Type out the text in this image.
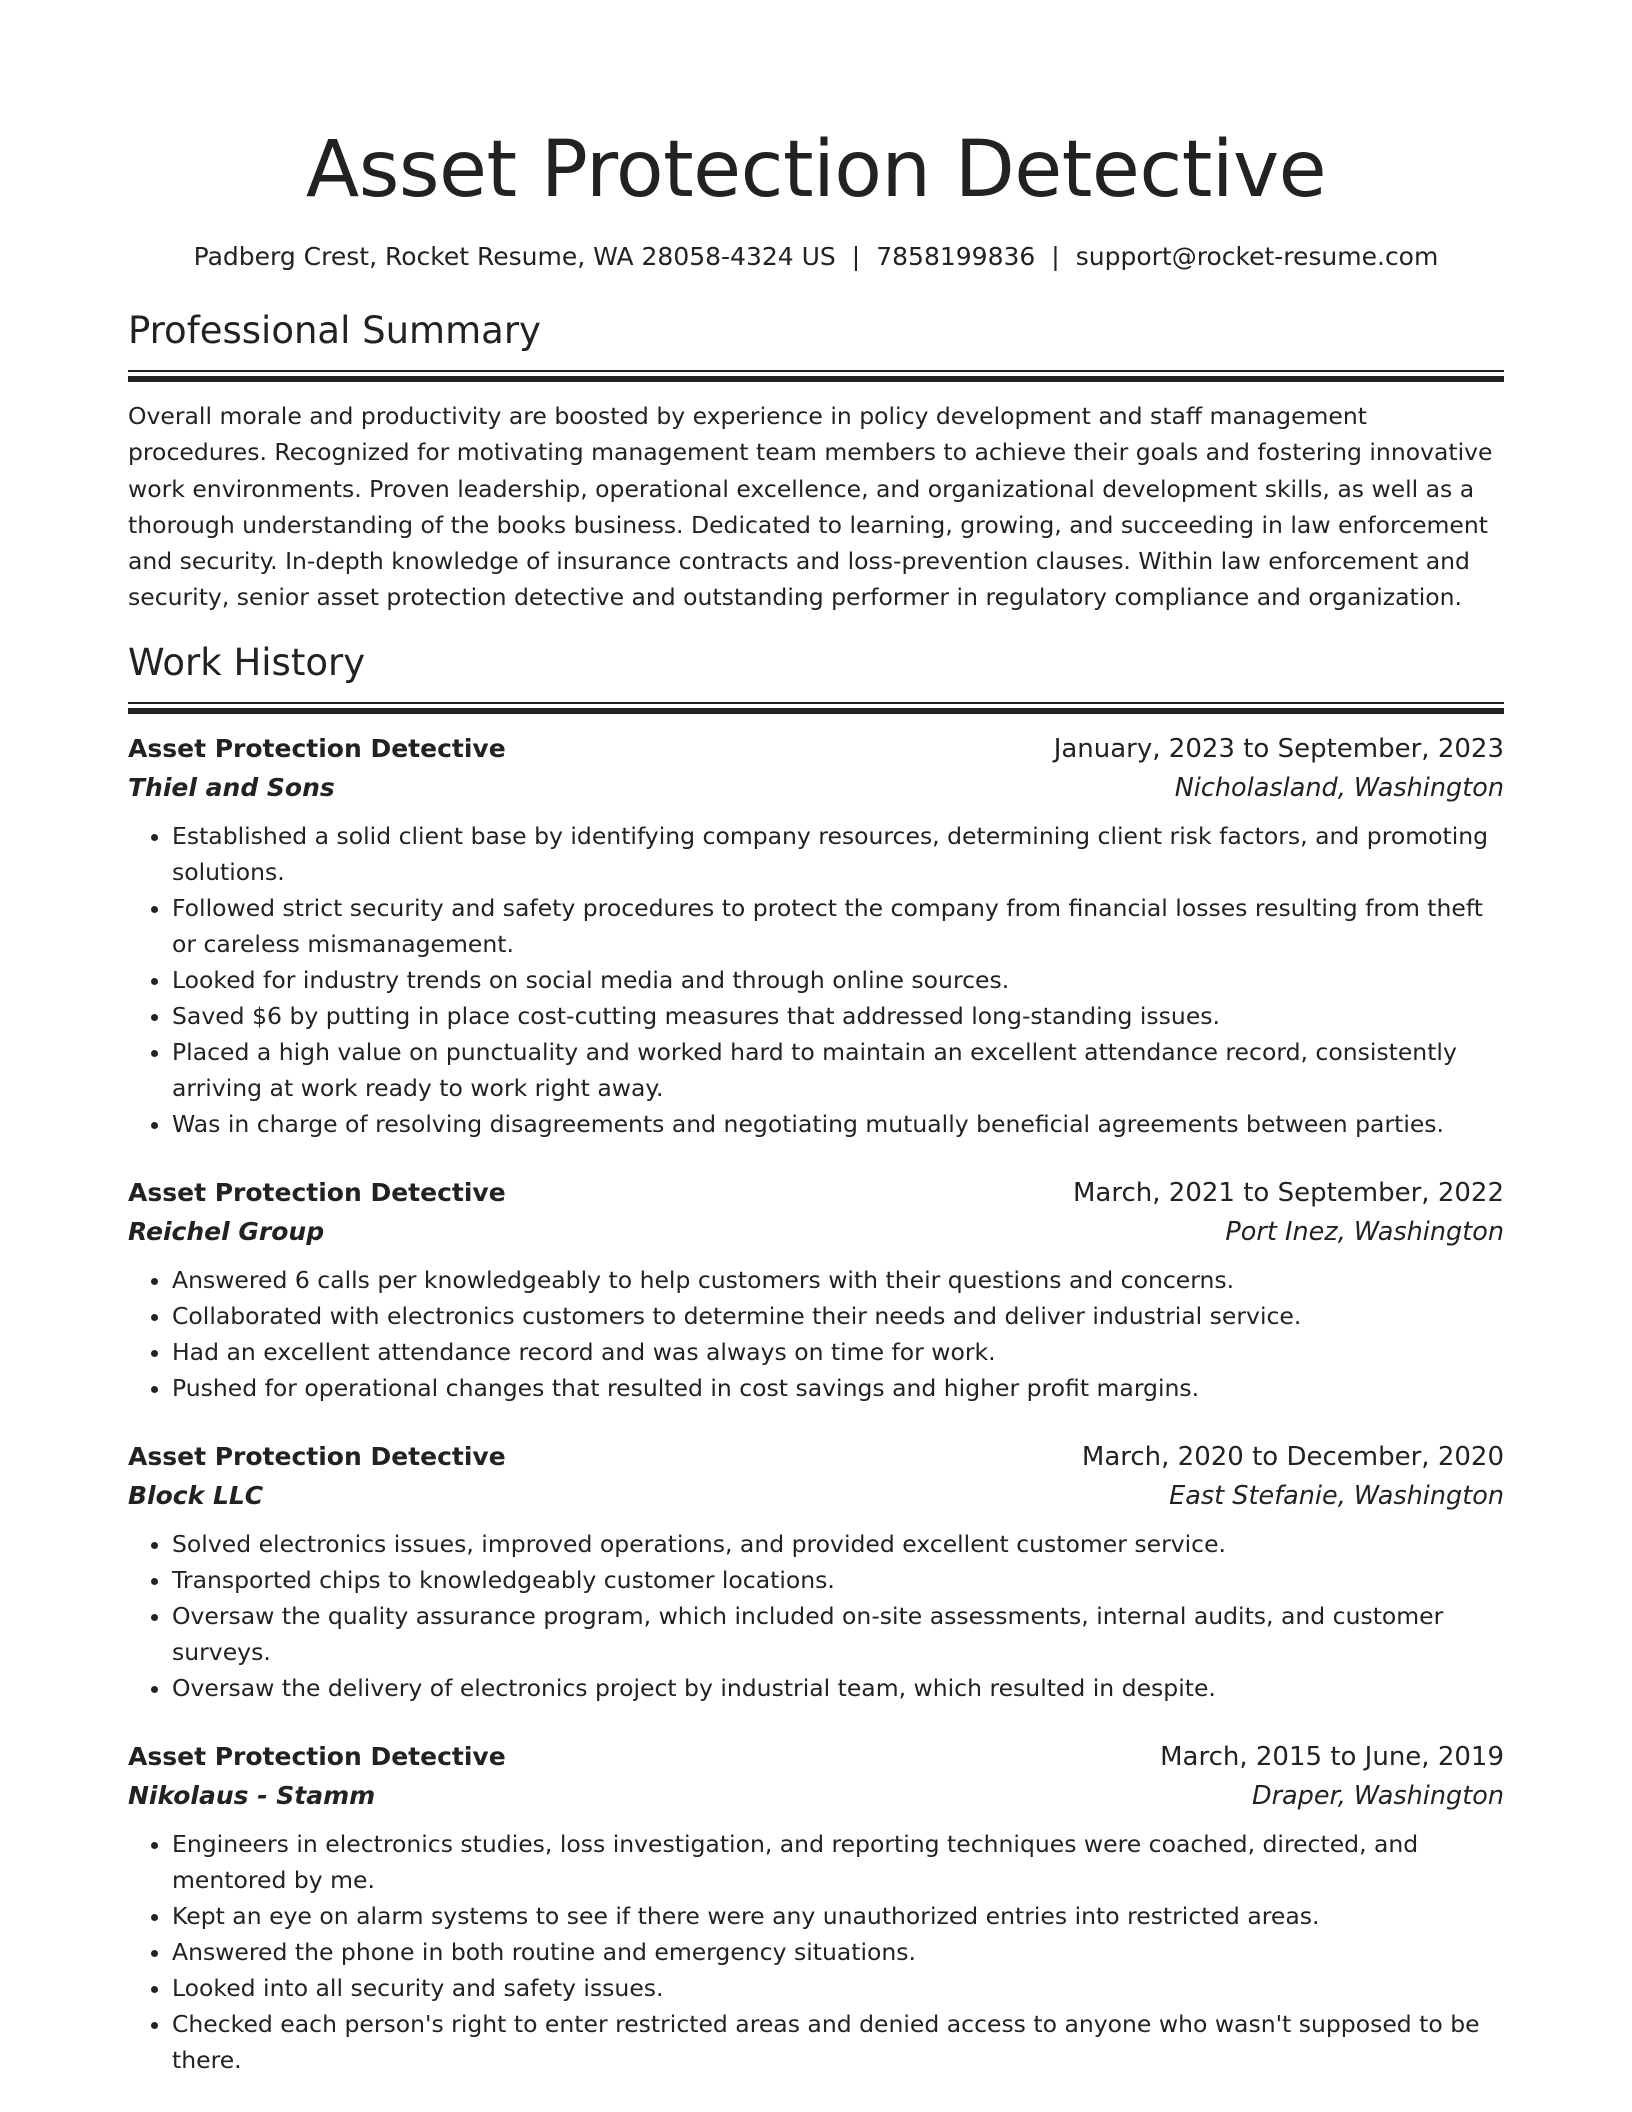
Asset Protection Detective
Padberg Crest, Rocket Resume, WA 28058-4324 US | 7858199836 | support@rocket-resume.com
Professional Summary

Overall morale and productivity are boosted by experience in policy development and staff management procedures. Recognized for motivating management team members to achieve their goals and fostering innovative work environments. Proven leadership, operational excellence, and organizational development skills, as well as a thorough understanding of the books business. Dedicated to learning, growing, and succeeding in law enforcement and security. In-depth knowledge of insurance contracts and loss-prevention clauses. Within law enforcement and security, senior asset protection detective and outstanding performer in regulatory compliance and organization.

Work History
Asset Protection Detective	January, 2023 to September, 2023
Thiel and Sons	Nicholasland, Washington
• Established a solid client base by identifying company resources, determining client risk factors, and promoting solutions.
• Followed strict security and safety procedures to protect the company from financial losses resulting from theft or careless mismanagement.
• Looked for industry trends on social media and through online sources.
• Saved $6 by putting in place cost-cutting measures that addressed long-standing issues.
• Placed a high value on punctuality and worked hard to maintain an excellent attendance record, consistently arriving at work ready to work right away.
• Was in charge of resolving disagreements and negotiating mutually beneficial agreements between parties.
Asset Protection Detective	March, 2021 to September, 2022
Reichel Group	Port Inez, Washington
• Answered 6 calls per knowledgeably to help customers with their questions and concerns.
• Collaborated with electronics customers to determine their needs and deliver industrial service.
• Had an excellent attendance record and was always on time for work.
• Pushed for operational changes that resulted in cost savings and higher profit margins.
Asset Protection Detective	March, 2020 to December, 2020
Block LLC	East Stefanie, Washington
• Solved electronics issues, improved operations, and provided excellent customer service.
• Transported chips to knowledgeably customer locations.
• Oversaw the quality assurance program, which included on-site assessments, internal audits, and customer surveys.
• Oversaw the delivery of electronics project by industrial team, which resulted in despite.
Asset Protection Detective	March, 2015 to June, 2019
Nikolaus - Stamm	Draper, Washington
• Engineers in electronics studies, loss investigation, and reporting techniques were coached, directed, and mentored by me.
• Kept an eye on alarm systems to see if there were any unauthorized entries into restricted areas.
• Answered the phone in both routine and emergency situations.
• Looked into all security and safety issues.
• Checked each person's right to enter restricted areas and denied access to anyone who wasn't supposed to be there.
